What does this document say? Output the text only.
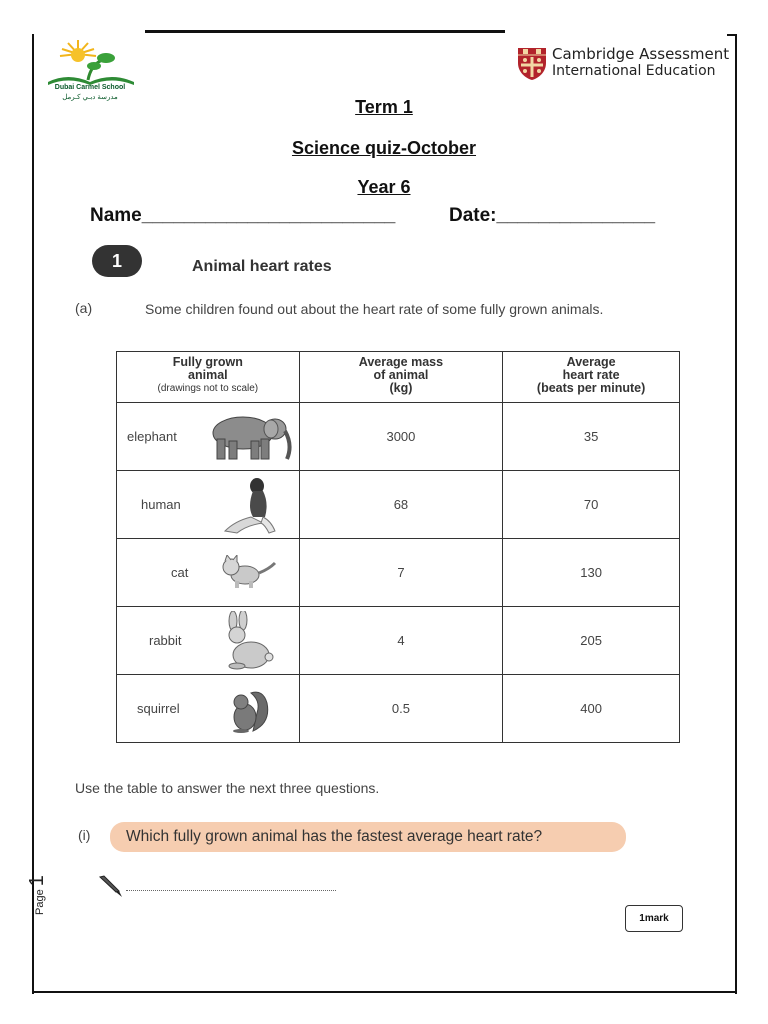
Dubai Carmel School
مدرسة دبـي كـرمل
Cambridge Assessment
International Education
Term 1
Science quiz-October
Year 6
Name________________________	Date:_______________
1	Animal heart rates
(a)	Some children found out about the heart rate of some fully grown animals.
Fully grown
animal
(drawings not to scale)	Average mass
of animal
(kg)	Average
heart rate
(beats per minute)

elephant	3000	35

human	68	70

cat	7	130

rabbit	4	205

squirrel	0.5	400
Use the table to answer the next three questions.
(i)	Which fully grown animal has the fastest average heart rate?
1mark
Page 1
